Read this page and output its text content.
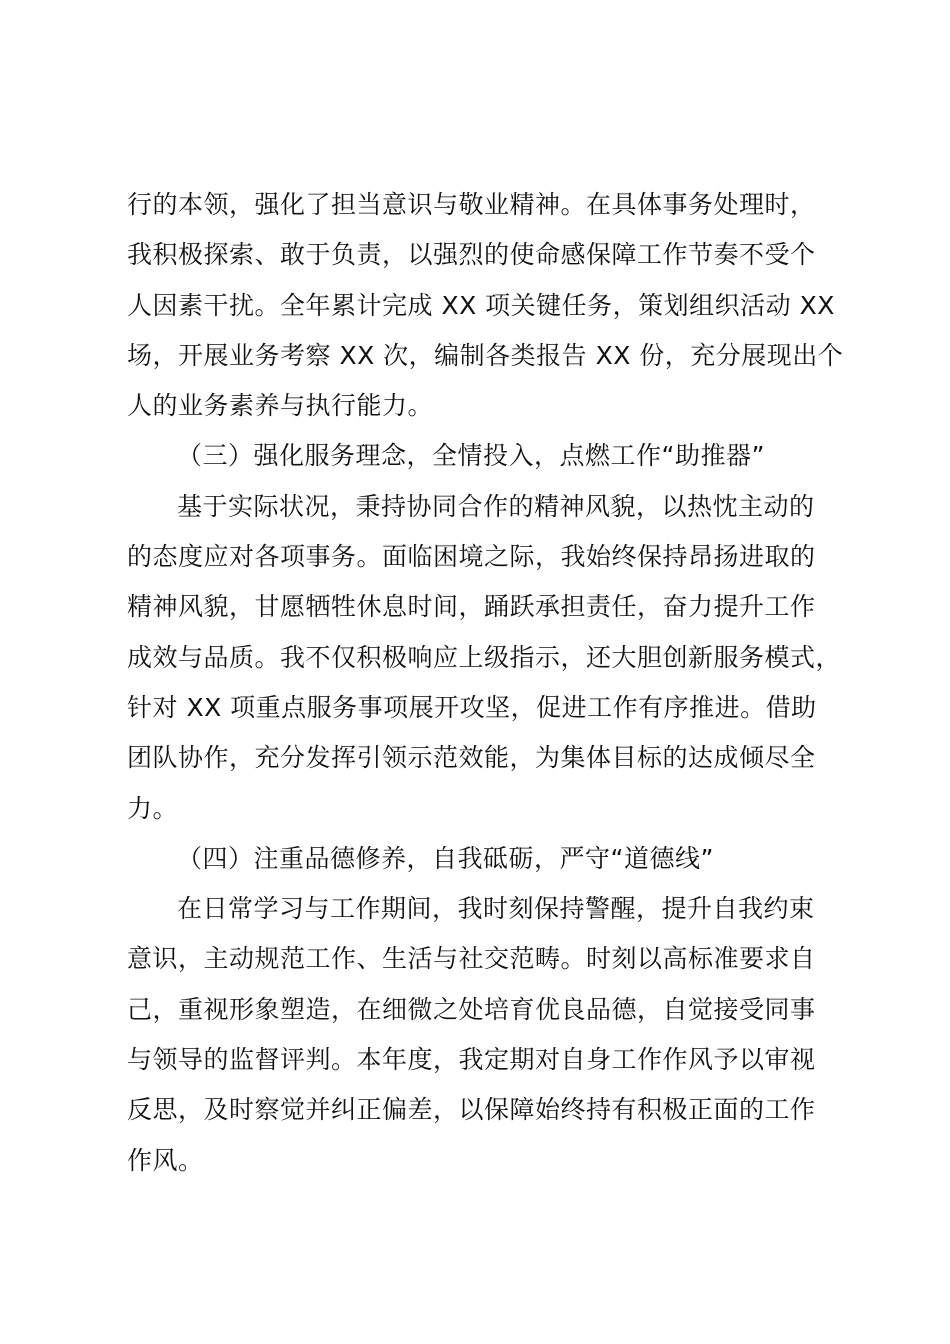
行的本领，强化了担当意识与敬业精神。在具体事务处理时，
我积极探索、敢于负责，以强烈的使命感保障工作节奏不受个
人因素干扰。全年累计完成 XX 项关键任务，策划组织活动 XX
场，开展业务考察 XX 次，编制各类报告 XX 份，充分展现出个
人的业务素养与执行能力。
（三）强化服务理念，全情投入，点燃工作“助推器”
基于实际状况，秉持协同合作的精神风貌，以热忱主动的
的态度应对各项事务。面临困境之际，我始终保持昂扬进取的
精神风貌，甘愿牺牲休息时间，踊跃承担责任，奋力提升工作
成效与品质。我不仅积极响应上级指示，还大胆创新服务模式，
针对 XX 项重点服务事项展开攻坚，促进工作有序推进。借助
团队协作，充分发挥引领示范效能，为集体目标的达成倾尽全
力。
（四）注重品德修养，自我砥砺，严守“道德线”
在日常学习与工作期间，我时刻保持警醒，提升自我约束
意识，主动规范工作、生活与社交范畴。时刻以高标准要求自
己，重视形象塑造，在细微之处培育优良品德，自觉接受同事
与领导的监督评判。本年度，我定期对自身工作作风予以审视
反思，及时察觉并纠正偏差，以保障始终持有积极正面的工作
作风。
